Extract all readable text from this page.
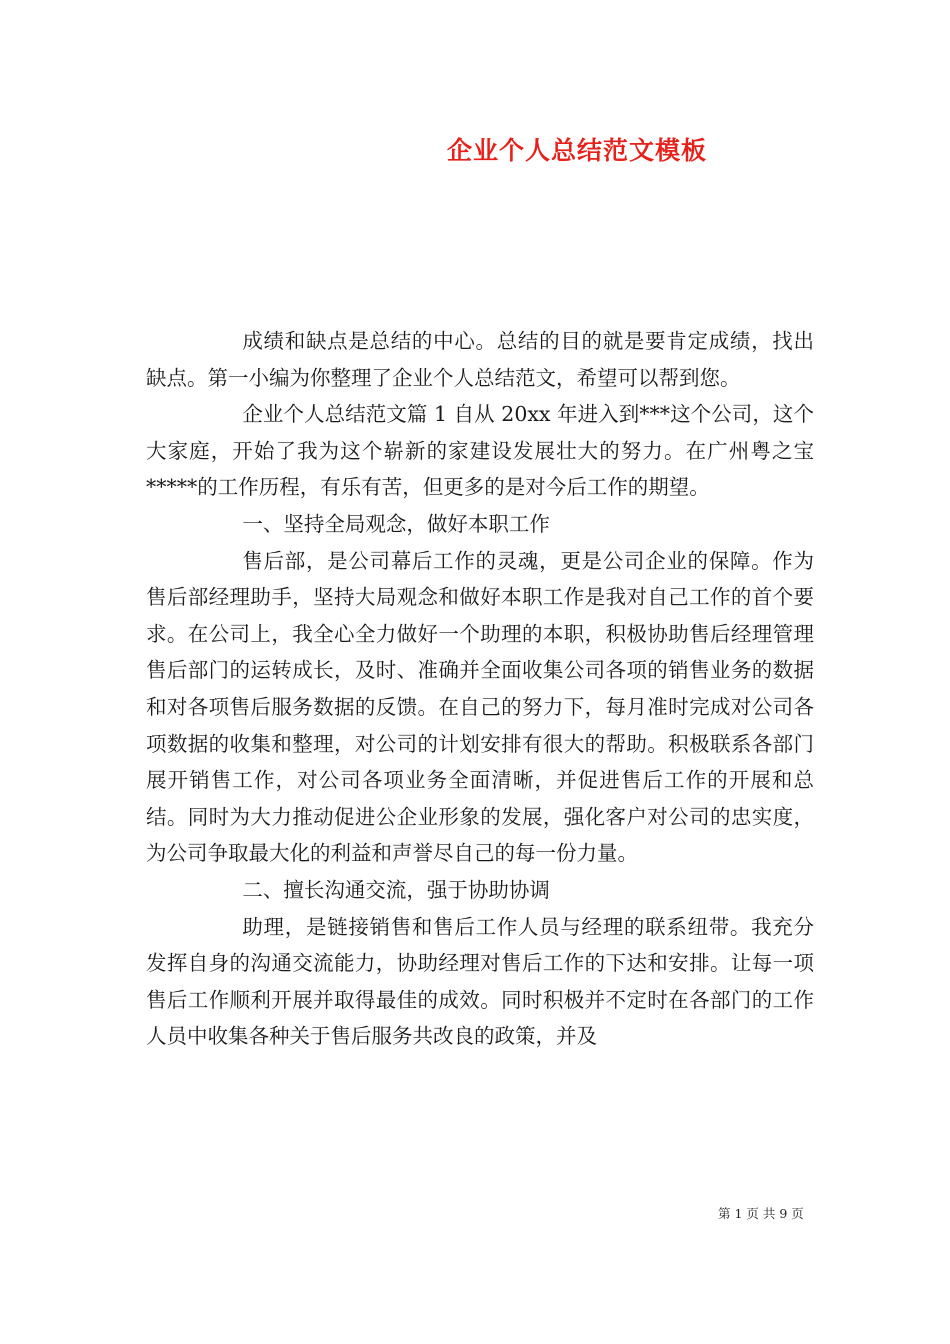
企业个人总结范文模板

成绩和缺点是总结的中心。总结的目的就是要肯定成绩，找出缺点。第一小编为你整理了企业个人总结范文，希望可以帮到您。

企业个人总结范文篇 1 自从 20xx 年进入到***这个公司，这个大家庭，开始了我为这个崭新的家建设发展壮大的努力。在广州粤之宝*****的工作历程，有乐有苦，但更多的是对今后工作的期望。

一、坚持全局观念，做好本职工作

售后部，是公司幕后工作的灵魂，更是公司企业的保障。作为售后部经理助手，坚持大局观念和做好本职工作是我对自己工作的首个要求。在公司上，我全心全力做好一个助理的本职，积极协助售后经理管理售后部门的运转成长，及时、准确并全面收集公司各项的销售业务的数据和对各项售后服务数据的反馈。在自己的努力下，每月准时完成对公司各项数据的收集和整理，对公司的计划安排有很大的帮助。积极联系各部门展开销售工作，对公司各项业务全面清晰，并促进售后工作的开展和总结。同时为大力推动促进公企业形象的发展，强化客户对公司的忠实度，为公司争取最大化的利益和声誉尽自己的每一份力量。

二、擅长沟通交流，强于协助协调

助理，是链接销售和售后工作人员与经理的联系纽带。我充分发挥自身的沟通交流能力，协助经理对售后工作的下达和安排。让每一项售后工作顺利开展并取得最佳的成效。同时积极并不定时在各部门的工作人员中收集各种关于售后服务共改良的政策，并及

第 1 页 共 9 页
